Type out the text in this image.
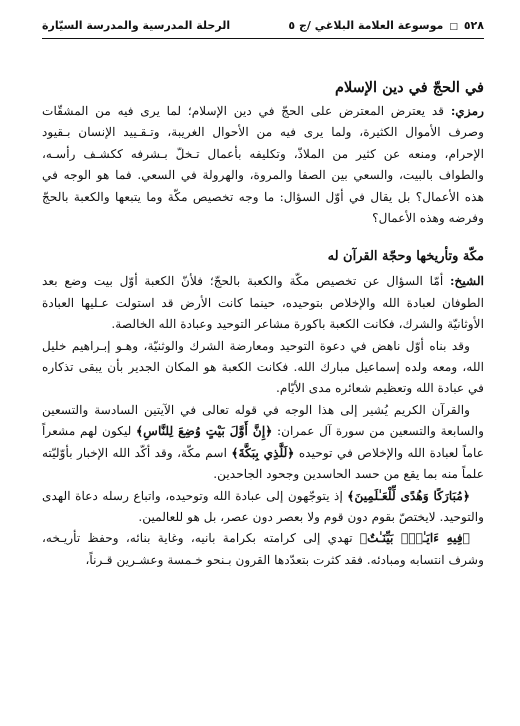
٥٢٨
□
موسوعة العلامة البلاغي /ج ٥
الرحلة المدرسية والمدرسة السيّارة
في الحجّ في دين الإسلام

رمزي: قد يعترض المعترض على الحجّ في دين الإسلام؛ لما يرى فيه من المشقّات وصرف الأموال الكثيرة، ولما يرى فيه من الأحوال الغريبة، وتـقـييد الإنسان بـقيود الإحرام، ومنعه عن كثير من الملاذّ، وتكليفه بأعمال تـخلّ بـشرفه ككشـف رأسـه، والطواف بالبيت، والسعي بين الصفا والمروة، والهرولة في السعي. فما هو الوجه في هذه الأعمال؟ بل يقال في أوّل السؤال: ما وجه تخصيص مكّة وما يتبعها والكعبة بالحجّ وفرضه وهذه الأعمال؟

مكّة وتأريخها وحجّة القرآن له

الشيخ: أمّا السؤال عن تخصيص مكّة والكعبة بالحجّ؛ فلأنّ الكعبة أوّل بيت وضع بعد الطوفان لعبادة الله والإخلاص بتوحيده، حينما كانت الأرض قد استولت عـليها العبادة الأوثانيّة والشرك، فكانت الكعبة باكورة مشاعر التوحيد وعبادة الله الخالصة.

وقد بناه أوّل ناهض في دعوة التوحيد ومعارضة الشرك والوثنيّة، وهـو إبـراهيم خليل الله، ومعه ولده إسماعيل مبارك الله. فكانت الكعبة هو المكان الجدير بأن يبقى تذكاره في عبادة الله وتعظيم شعائره مدى الأيّام.

والقرآن الكريم يُشير إلى هذا الوجه في قوله تعالى في الآيتين السادسة والتسعين والسابعة والتسعين من سورة آل عمران: ﴿إِنَّ أَوَّلَ بَيْتٍ وُضِعَ لِلنَّاسِ﴾ ليكون لهم مشعراً عاماً لعبادة الله والإخلاص في توحيده ﴿لَلَّذِي بِبَكَّةَ﴾ اسم مكّة، وقد أكّد الله الإخبار بأوّليّته علماً منه بما يقع من حسد الحاسدين وجحود الجاحدين.

﴿مُبَارَكًا وَهُدًى لِّلْعَـٰلَمِينَ﴾ إذ يتوجّهون إلى عبادة الله وتوحيده، واتباع رسله دعاة الهدى والتوحيد. لايختصّ بقوم دون قوم ولا بعصر دون عصر، بل هو للعالمين.

﴿فِيهِ ءَايَـٰتُۢ بَيِّنَـٰتٌ﴾ تهدي إلى كرامته بكرامة بانيه، وغاية بنائه، وحفظ تأريـخه، وشرف انتسابه ومبادئه. فقد كثرت بتعدّدها القرون بـنحو خـمسة وعشـرين قـرناً،
